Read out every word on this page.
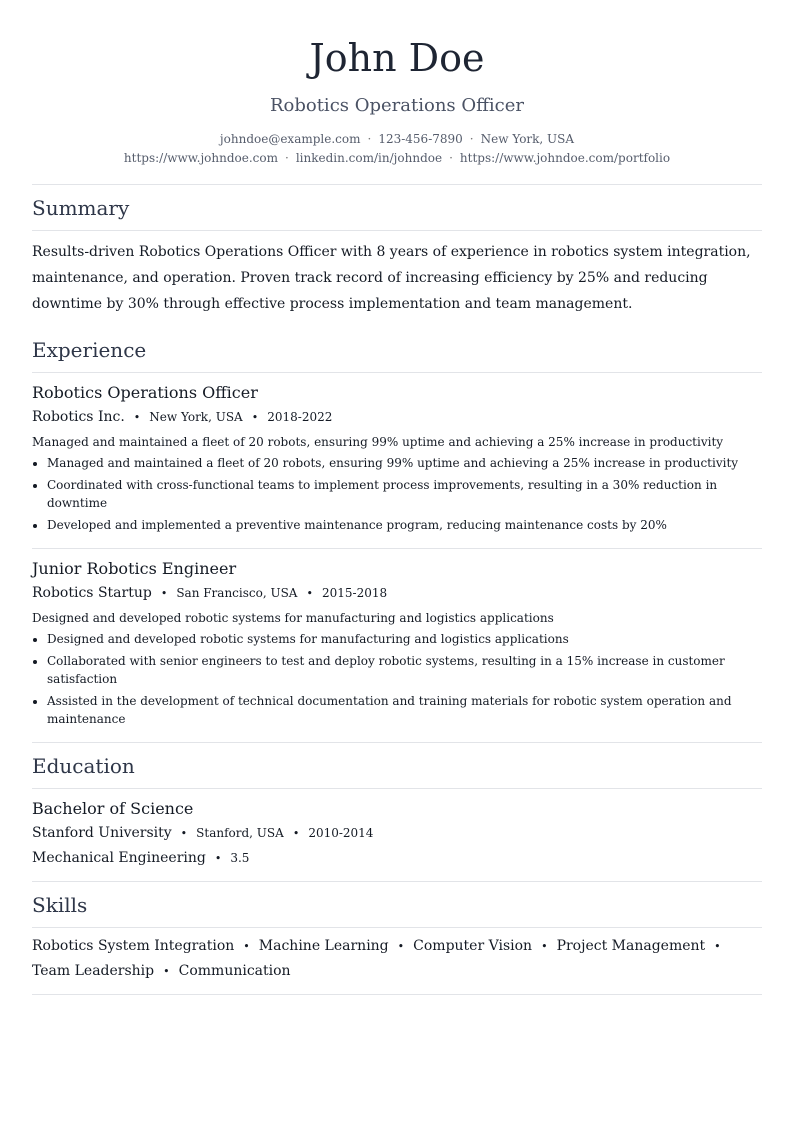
John Doe
Robotics Operations Officer
johndoe@example.com · 123-456-7890 · New York, USA
https://www.johndoe.com · linkedin.com/in/johndoe · https://www.johndoe.com/portfolio
Summary
Results-driven Robotics Operations Officer with 8 years of experience in robotics system integration, maintenance, and operation. Proven track record of increasing efficiency by 25% and reducing downtime by 30% through effective process implementation and team management.
Experience
Robotics Operations Officer
Robotics Inc. • New York, USA • 2018-2022
Managed and maintained a fleet of 20 robots, ensuring 99% uptime and achieving a 25% increase in productivity
Managed and maintained a fleet of 20 robots, ensuring 99% uptime and achieving a 25% increase in productivity
Coordinated with cross-functional teams to implement process improvements, resulting in a 30% reduction in downtime
Developed and implemented a preventive maintenance program, reducing maintenance costs by 20%
Junior Robotics Engineer
Robotics Startup • San Francisco, USA • 2015-2018
Designed and developed robotic systems for manufacturing and logistics applications
Designed and developed robotic systems for manufacturing and logistics applications
Collaborated with senior engineers to test and deploy robotic systems, resulting in a 15% increase in customer satisfaction
Assisted in the development of technical documentation and training materials for robotic system operation and maintenance
Education
Bachelor of Science
Stanford University • Stanford, USA • 2010-2014
Mechanical Engineering • 3.5
Skills
Robotics System Integration • Machine Learning • Computer Vision • Project Management •
Team Leadership • Communication
